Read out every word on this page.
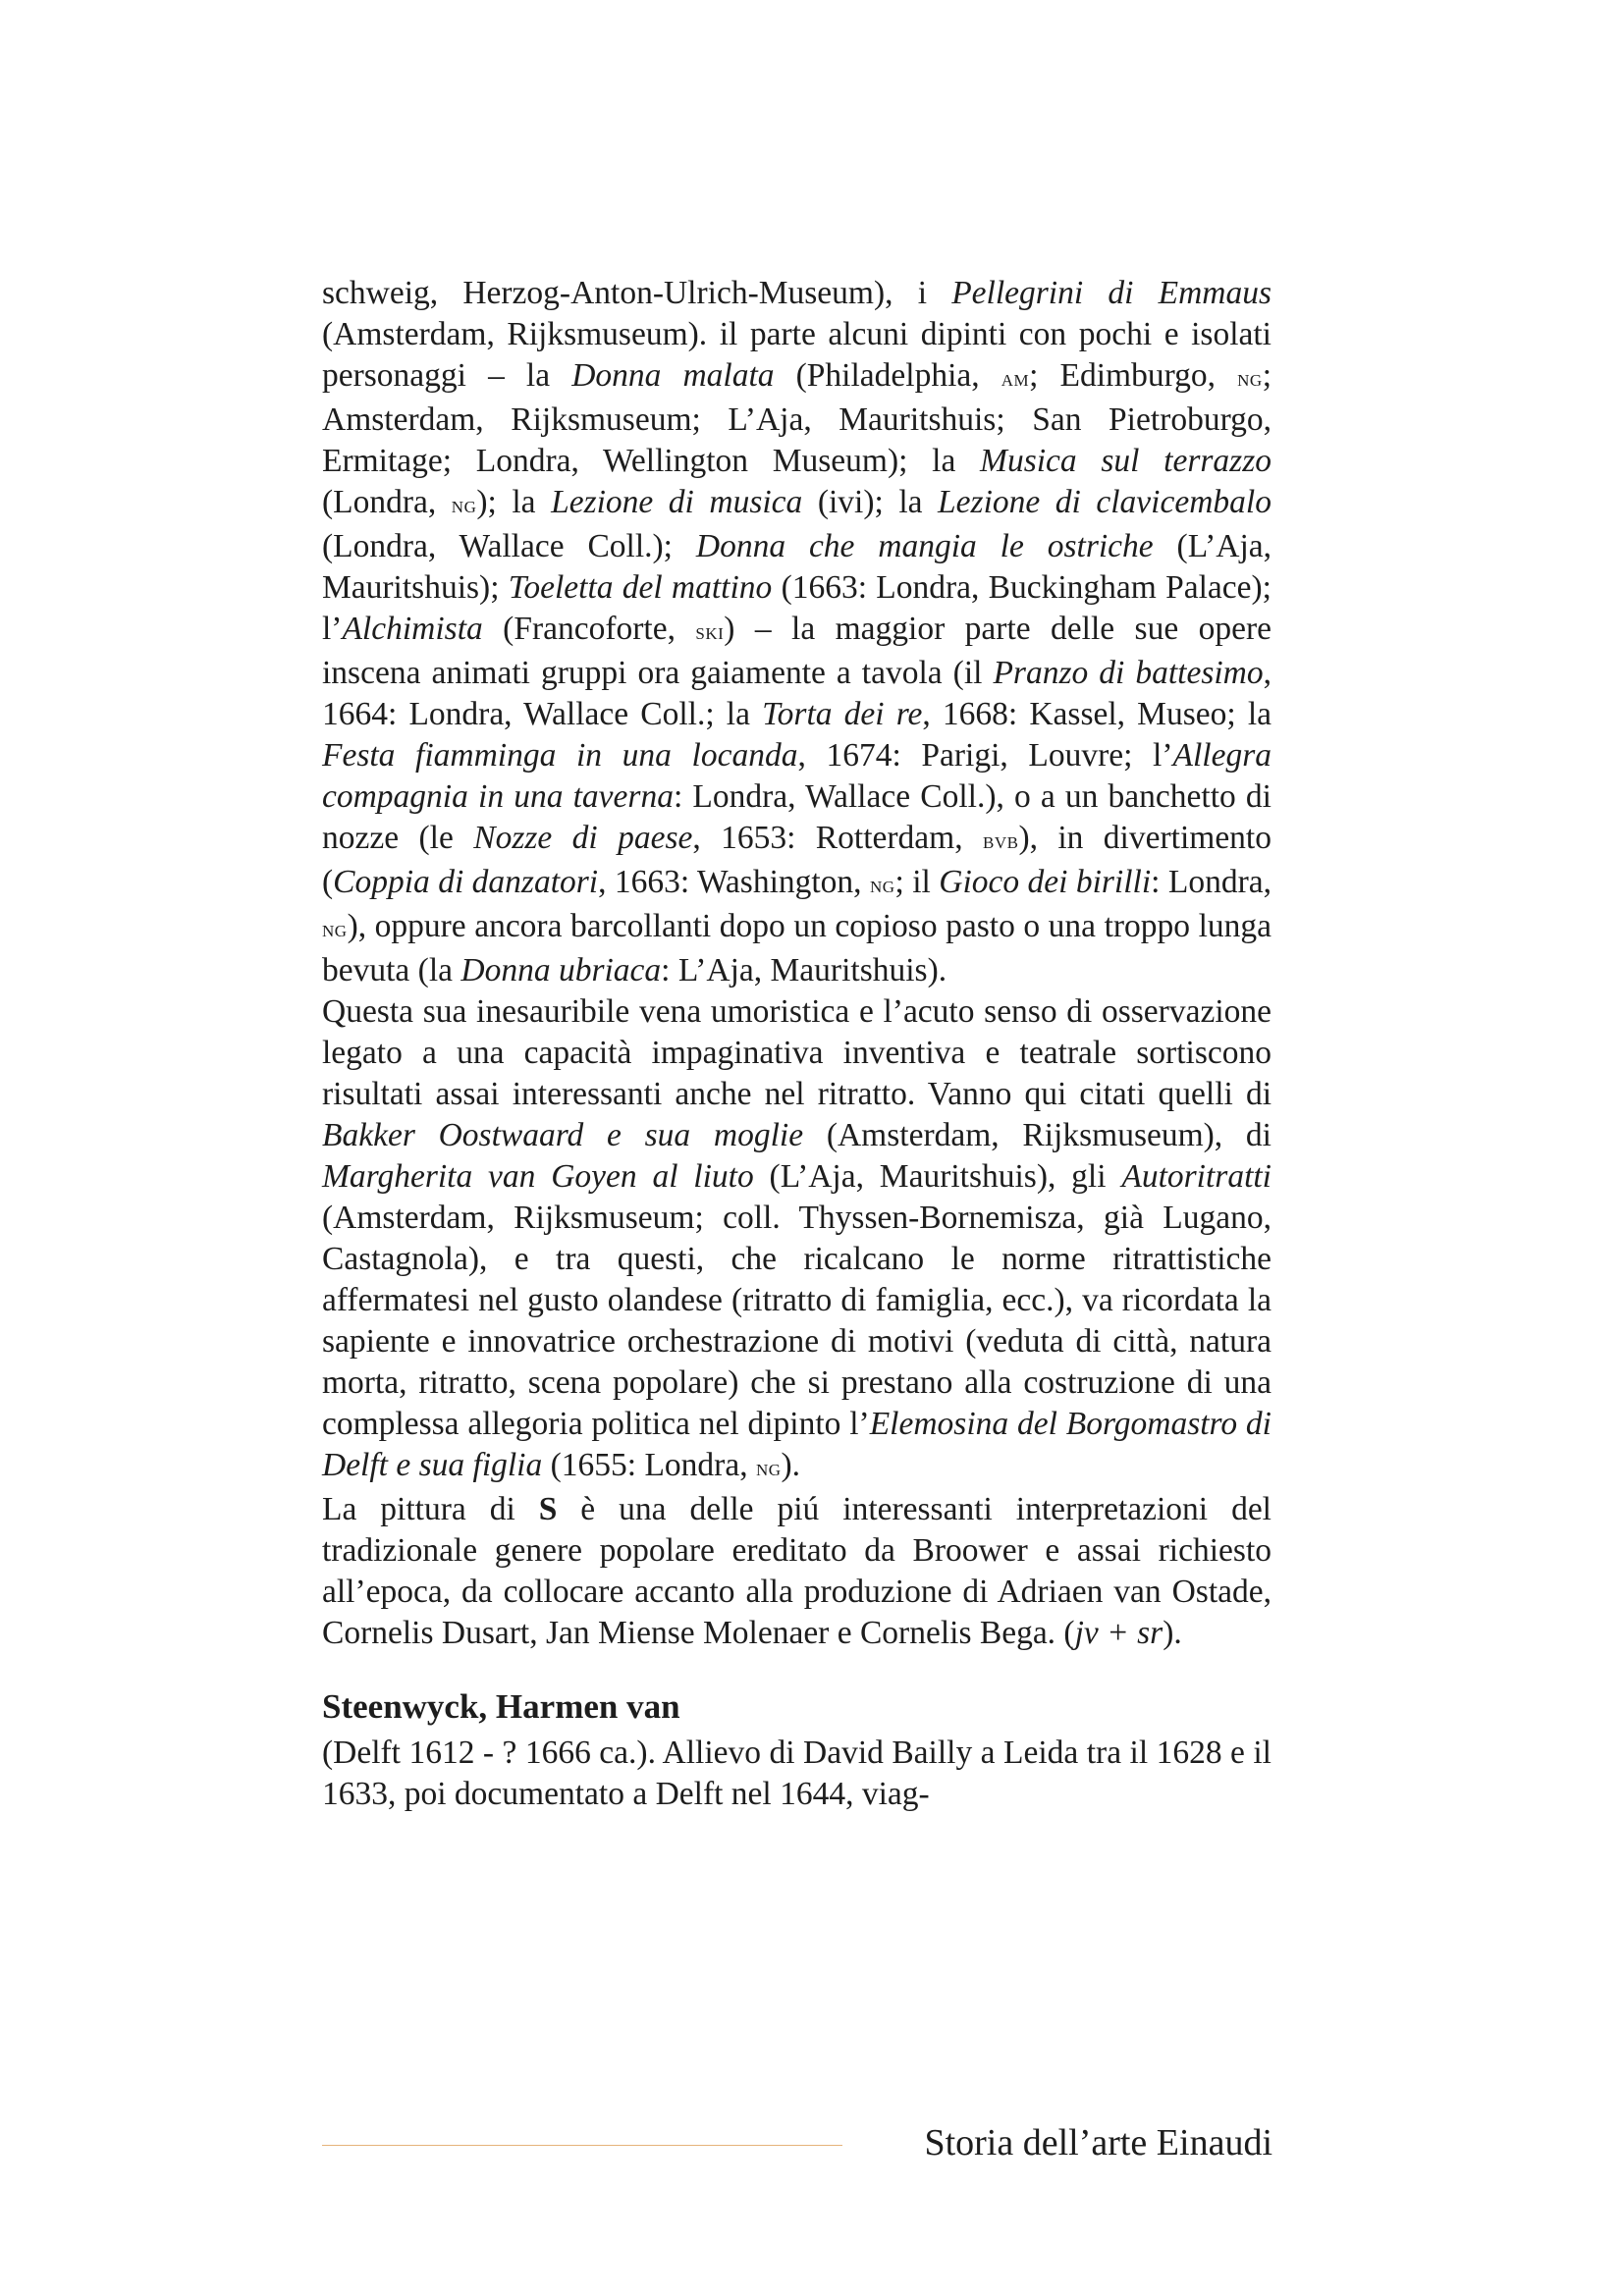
schweig, Herzog-Anton-Ulrich-Museum), i Pellegrini di Emmaus (Amsterdam, Rijksmuseum). il parte alcuni dipinti con pochi e isolati personaggi – la Donna malata (Philadelphia, am; Edimburgo, ng; Amsterdam, Rijksmuseum; L’Aja, Mauritshuis; San Pietroburgo, Ermitage; Londra, Wellington Museum); la Musica sul terrazzo (Londra, ng); la Lezione di musica (ivi); la Lezione di clavicembalo (Londra, Wallace Coll.); Donna che mangia le ostriche (L’Aja, Mauritshuis); Toeletta del mattino (1663: Londra, Buckingham Palace); l’Alchimista (Francoforte, ski) – la maggior parte delle sue opere inscena animati gruppi ora gaiamente a tavola (il Pranzo di battesimo, 1664: Londra, Wallace Coll.; la Torta dei re, 1668: Kassel, Museo; la Festa fiamminga in una locanda, 1674: Parigi, Louvre; l’Allegra compagnia in una taverna: Londra, Wallace Coll.), o a un banchetto di nozze (le Nozze di paese, 1653: Rotterdam, bvb), in divertimento (Coppia di danzatori, 1663: Washington, ng; il Gioco dei birilli: Londra, ng), oppure ancora barcollanti dopo un copioso pasto o una troppo lunga bevuta (la Donna ubriaca: L’Aja, Mauritshuis).

Questa sua inesauribile vena umoristica e l’acuto senso di osservazione legato a una capacità impaginativa inventiva e teatrale sortiscono risultati assai interessanti anche nel ritratto. Vanno qui citati quelli di Bakker Oostwaard e sua moglie (Amsterdam, Rijksmuseum), di Margherita van Goyen al liuto (L’Aja, Mauritshuis), gli Autoritratti (Amsterdam, Rijksmuseum; coll. Thyssen-Bornemisza, già Lugano, Castagnola), e tra questi, che ricalcano le norme ritrattistiche affermatesi nel gusto olandese (ritratto di famiglia, ecc.), va ricordata la sapiente e innovatrice orchestrazione di motivi (veduta di città, natura morta, ritratto, scena popolare) che si prestano alla costruzione di una complessa allegoria politica nel dipinto l’Elemosina del Borgomastro di Delft e sua figlia (1655: Londra, ng).

La pittura di S è una delle piú interessanti interpretazioni del tradizionale genere popolare ereditato da Broower e assai richiesto all’epoca, da collocare accanto alla produzione di Adriaen van Ostade, Cornelis Dusart, Jan Miense Molenaer e Cornelis Bega. (jv + sr).

Steenwyck, Harmen van

(Delft 1612 - ? 1666 ca.). Allievo di David Bailly a Leida tra il 1628 e il 1633, poi documentato a Delft nel 1644, viag-

Storia dell’arte Einaudi
